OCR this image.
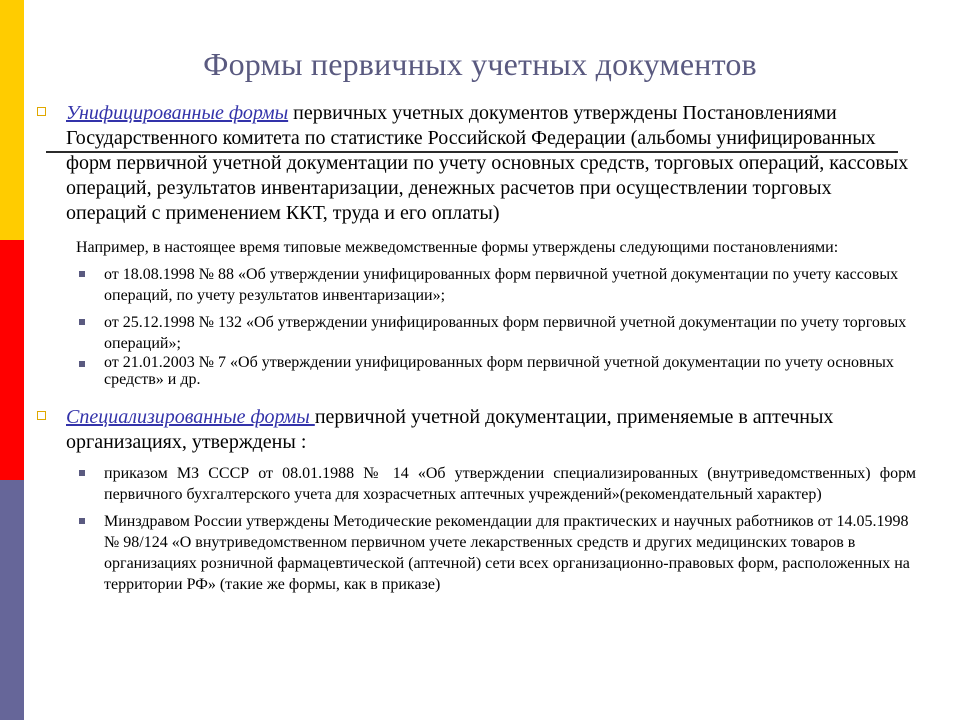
Формы первичных учетных документов

Унифицированные формы первичных учетных документов утверждены Постановлениями Государственного комитета по статистике Российской Федерации (альбомы унифицированных форм первичной учетной документации по учету основных средств, торговых операций, кассовых операций, результатов инвентаризации, денежных расчетов при осуществлении торговых операций с применением ККТ, труда и его оплаты)

Например, в настоящее время типовые межведомственные формы утверждены следующими постановлениями:

от 18.08.1998 № 88 «Об утверждении унифицированных форм первичной учетной документации по учету кассовых операций, по учету результатов инвентаризации»;

от 25.12.1998 № 132 «Об утверждении унифицированных форм первичной учетной документации по учету торговых операций»;

от 21.01.2003 № 7 «Об утверждении унифицированных форм первичной учетной документации по учету основных средств» и др.

Специализированные формы первичной учетной документации, применяемые в аптечных организациях, утверждены :

приказом МЗ СССР от 08.01.1988 № 14 «Об утверждении специализированных (внутриведомственных) форм первичного бухгалтерского учета для хозрасчетных аптечных учреждений»(рекомендательный характер)

Минздравом России утверждены Методические рекомендации для практических и научных работников от 14.05.1998 № 98/124 «О внутриведомственном первичном учете лекарственных средств и других медицинских товаров в организациях розничной фармацевтической (аптечной) сети всех организационно-правовых форм, расположенных на территории РФ» (такие же формы, как в приказе)
